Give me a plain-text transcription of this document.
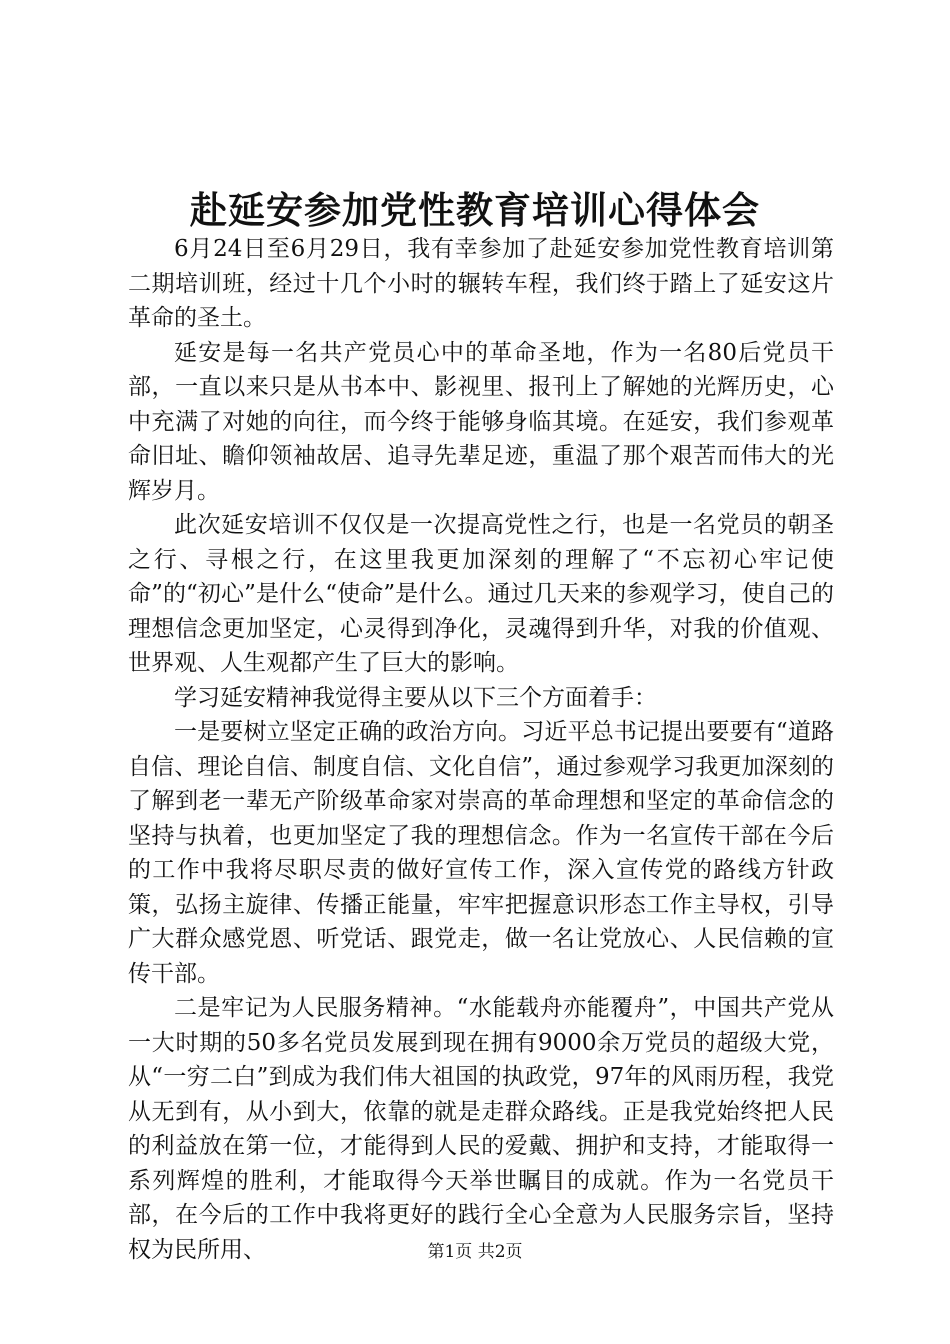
赴延安参加党性教育培训心得体会

6月24日至6月29日，我有幸参加了赴延安参加党性教育培训第二期培训班，经过十几个小时的辗转车程，我们终于踏上了延安这片革命的圣土。

延安是每一名共产党员心中的革命圣地，作为一名80后党员干部，一直以来只是从书本中、影视里、报刊上了解她的光辉历史，心中充满了对她的向往，而今终于能够身临其境。在延安，我们参观革命旧址、瞻仰领袖故居、追寻先辈足迹，重温了那个艰苦而伟大的光辉岁月。

此次延安培训不仅仅是一次提高党性之行，也是一名党员的朝圣之行、寻根之行，在这里我更加深刻的理解了“不忘初心牢记使命”的“初心”是什么“使命”是什么。通过几天来的参观学习，使自己的理想信念更加坚定，心灵得到净化，灵魂得到升华，对我的价值观、世界观、人生观都产生了巨大的影响。

学习延安精神我觉得主要从以下三个方面着手：

一是要树立坚定正确的政治方向。习近平总书记提出要要有“道路自信、理论自信、制度自信、文化自信”，通过参观学习我更加深刻的了解到老一辈无产阶级革命家对崇高的革命理想和坚定的革命信念的坚持与执着，也更加坚定了我的理想信念。作为一名宣传干部在今后的工作中我将尽职尽责的做好宣传工作，深入宣传党的路线方针政策，弘扬主旋律、传播正能量，牢牢把握意识形态工作主导权，引导广大群众感党恩、听党话、跟党走，做一名让党放心、人民信赖的宣传干部。

二是牢记为人民服务精神。“水能载舟亦能覆舟”，中国共产党从一大时期的50多名党员发展到现在拥有9000余万党员的超级大党，从“一穷二白”到成为我们伟大祖国的执政党，97年的风雨历程，我党从无到有，从小到大，依靠的就是走群众路线。正是我党始终把人民的利益放在第一位，才能得到人民的爱戴、拥护和支持，才能取得一系列辉煌的胜利，才能取得今天举世瞩目的成就。作为一名党员干部，在今后的工作中我将更好的践行全心全意为人民服务宗旨，坚持权为民所用、	第1页 共2页
